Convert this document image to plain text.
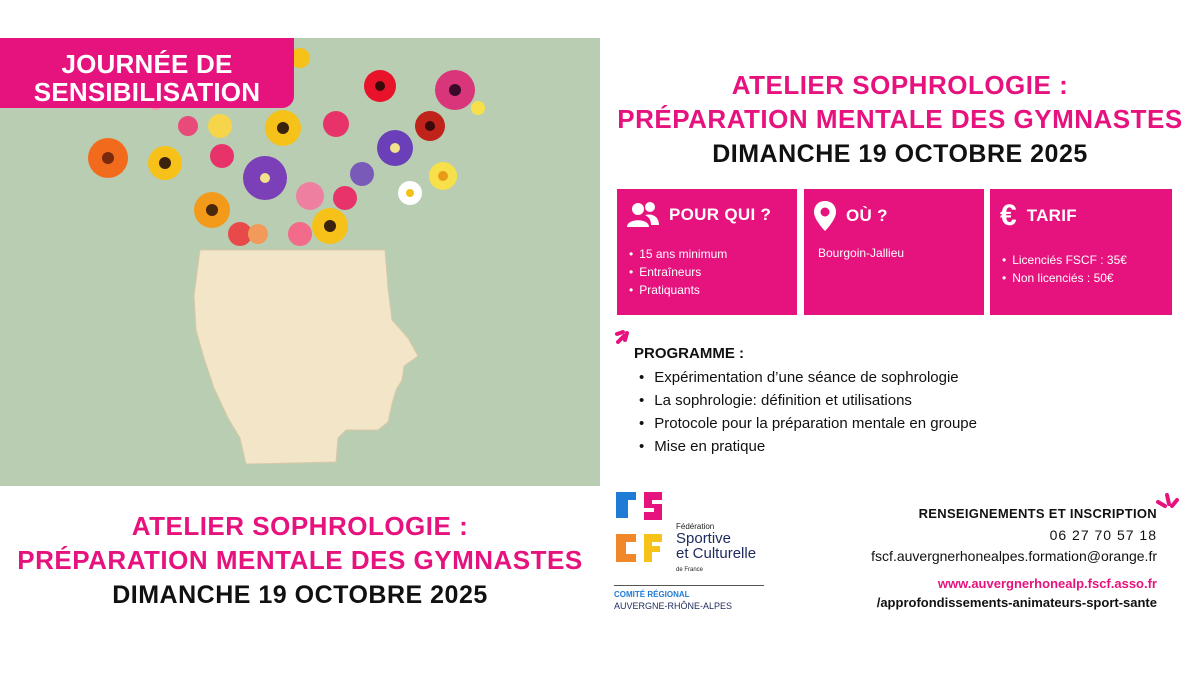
JOURNÉE DE
SENSIBILISATION	ATELIER SOPHROLOGIE :
PRÉPARATION MENTALE DES GYMNASTES
DIMANCHE 19 OCTOBRE 2025
POUR QUI ?
• 15 ans minimum
• Entraîneurs
• Pratiquants
OÙ ?
Bourgoin-Jallieu
€ TARIF
• Licenciés FSCF : 35€
• Non licenciés : 50€
PROGRAMME :
• Expérimentation d’une séance de sophrologie
• La sophrologie: définition et utilisations
• Protocole pour la préparation mentale en groupe
• Mise en pratique
ATELIER SOPHROLOGIE :
PRÉPARATION MENTALE DES GYMNASTES
DIMANCHE 19 OCTOBRE 2025
Fédération
Sportive
et Culturelle
de France
COMITÉ RÉGIONAL
AUVERGNE-RHÔNE-ALPES
RENSEIGNEMENTS ET INSCRIPTION
06 27 70 57 18
fscf.auvergnerhonealpes.formation@orange.fr
www.auvergnerhonealp.fscf.asso.fr
/approfondissements-animateurs-sport-sante
